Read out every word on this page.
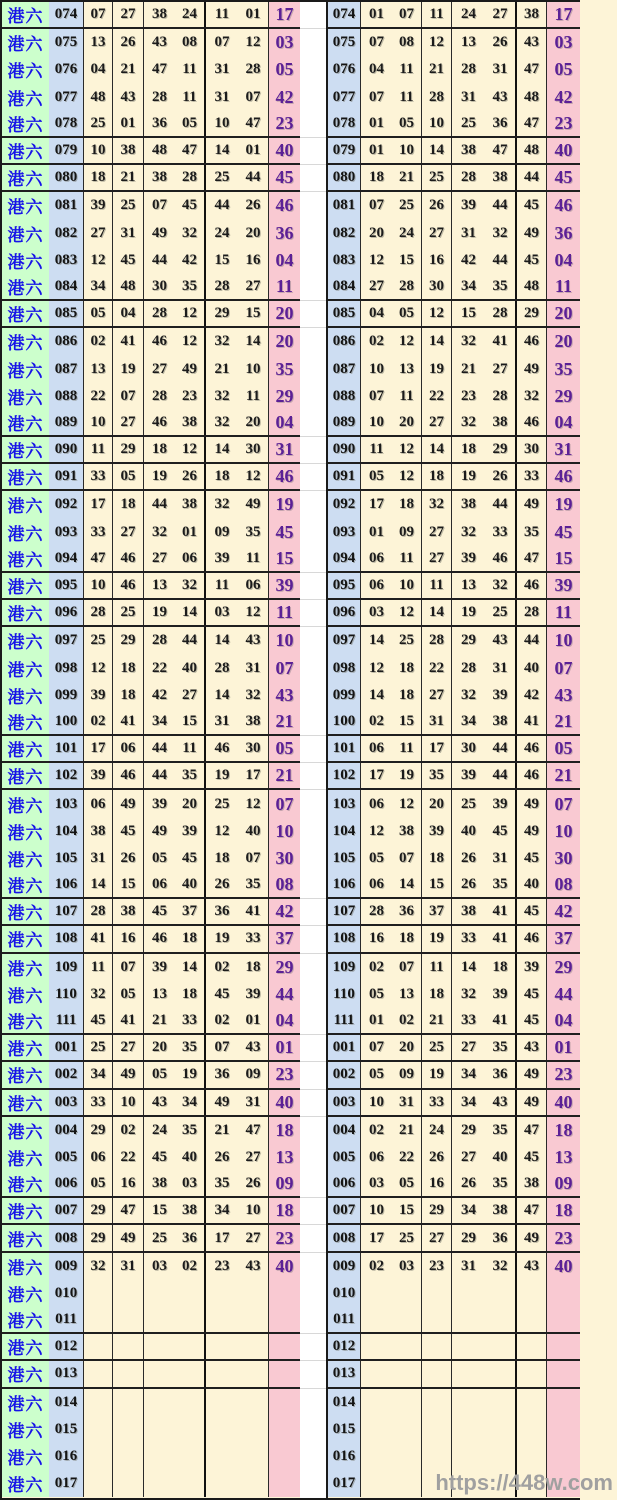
港六 074 07	27	38	24	11	01 17
港六 075 13	26	43	08	07	12 03
港六 076 04	21	47	11	31	28 05
港六 077 48	43	28	11	31	07 42
港六 078 25	01	36	05	10	47 23
港六 079 10	38	48	47	14	01 40
港六 080 18	21	38	28	25	44 45
港六 081 39	25	07	45	44	26 46
港六 082 27	31	49	32	24	20 36
港六 083 12	45	44	42	15	16 04
港六 084 34	48	30	35	28	27 11
港六 085 05	04	28	12	29	15 20
港六 086 02	41	46	12	32	14 20
港六 087 13	19	27	49	21	10 35
港六 088 22	07	28	23	32	11 29
港六 089 10	27	46	38	32	20 04
港六 090 11	29	18	12	14	30 31
港六 091 33	05	19	26	18	12 46
港六 092 17	18	44	38	32	49 19
港六 093 33	27	32	01	09	35 45
港六 094 47	46	27	06	39	11 15
港六 095 10	46	13	32	11	06 39
港六 096 28	25	19	14	03	12 11
港六 097 25	29	28	44	14	43 10
港六 098 12	18	22	40	28	31 07
港六 099 39	18	42	27	14	32 43
港六 100 02	41	34	15	31	38 21
港六 101 17	06	44	11	46	30 05
港六 102 39	46	44	35	19	17 21
港六 103 06	49	39	20	25	12 07
港六 104 38	45	49	39	12	40 10
港六 105 31	26	05	45	18	07 30
港六 106 14	15	06	40	26	35 08
港六 107 28	38	45	37	36	41 42
港六 108 41	16	46	18	19	33 37
港六 109 11	07	39	14	02	18 29
港六 110 32	05	13	18	45	39 44
港六 111 45	41	21	33	02	01 04
港六 001 25	27	20	35	07	43 01
港六 002 34	49	05	19	36	09 23
港六 003 33	10	43	34	49	31 40
港六 004 29	02	24	35	21	47 18
港六 005 06	22	45	40	26	27 13
港六 006 05	16	38	03	35	26 09
港六 007 29	47	15	38	34	10 18
港六 008 29	49	25	36	17	27 23
港六 009 32	31	03	02	23	43 40
港六 010
港六 011
港六 012
港六 013
港六 014
港六 015
港六 016
港六 017
074 01	07	11	24	27	38 17
075 07	08	12	13	26	43 03
076 04	11	21	28	31	47 05
077 07	11	28	31	43	48 42
078 01	05	10	25	36	47 23
079 01	10	14	38	47	48 40
080 18	21	25	28	38	44 45
081 07	25	26	39	44	45 46
082 20	24	27	31	32	49 36
083 12	15	16	42	44	45 04
084 27	28	30	34	35	48 11
085 04	05	12	15	28	29 20
086 02	12	14	32	41	46 20
087 10	13	19	21	27	49 35
088 07	11	22	23	28	32 29
089 10	20	27	32	38	46 04
090 11	12	14	18	29	30 31
091 05	12	18	19	26	33 46
092 17	18	32	38	44	49 19
093 01	09	27	32	33	35 45
094 06	11	27	39	46	47 15
095 06	10	11	13	32	46 39
096 03	12	14	19	25	28 11
097 14	25	28	29	43	44 10
098 12	18	22	28	31	40 07
099 14	18	27	32	39	42 43
100 02	15	31	34	38	41 21
101 06	11	17	30	44	46 05
102 17	19	35	39	44	46 21
103 06	12	20	25	39	49 07
104 12	38	39	40	45	49 10
105 05	07	18	26	31	45 30
106 06	14	15	26	35	40 08
107 28	36	37	38	41	45 42
108 16	18	19	33	41	46 37
109 02	07	11	14	18	39 29
110 05	13	18	32	39	45 44
111 01	02	21	33	41	45 04
001 07	20	25	27	35	43 01
002 05	09	19	34	36	49 23
003 10	31	33	34	43	49 40
004 02	21	24	29	35	47 18
005 06	22	26	27	40	45 13
006 03	05	16	26	35	38 09
007 10	15	29	34	38	47 18
008 17	25	27	29	36	49 23
009 02	03	23	31	32	43 40
010
011
012
013
014
015
016
017	https://448w.com
